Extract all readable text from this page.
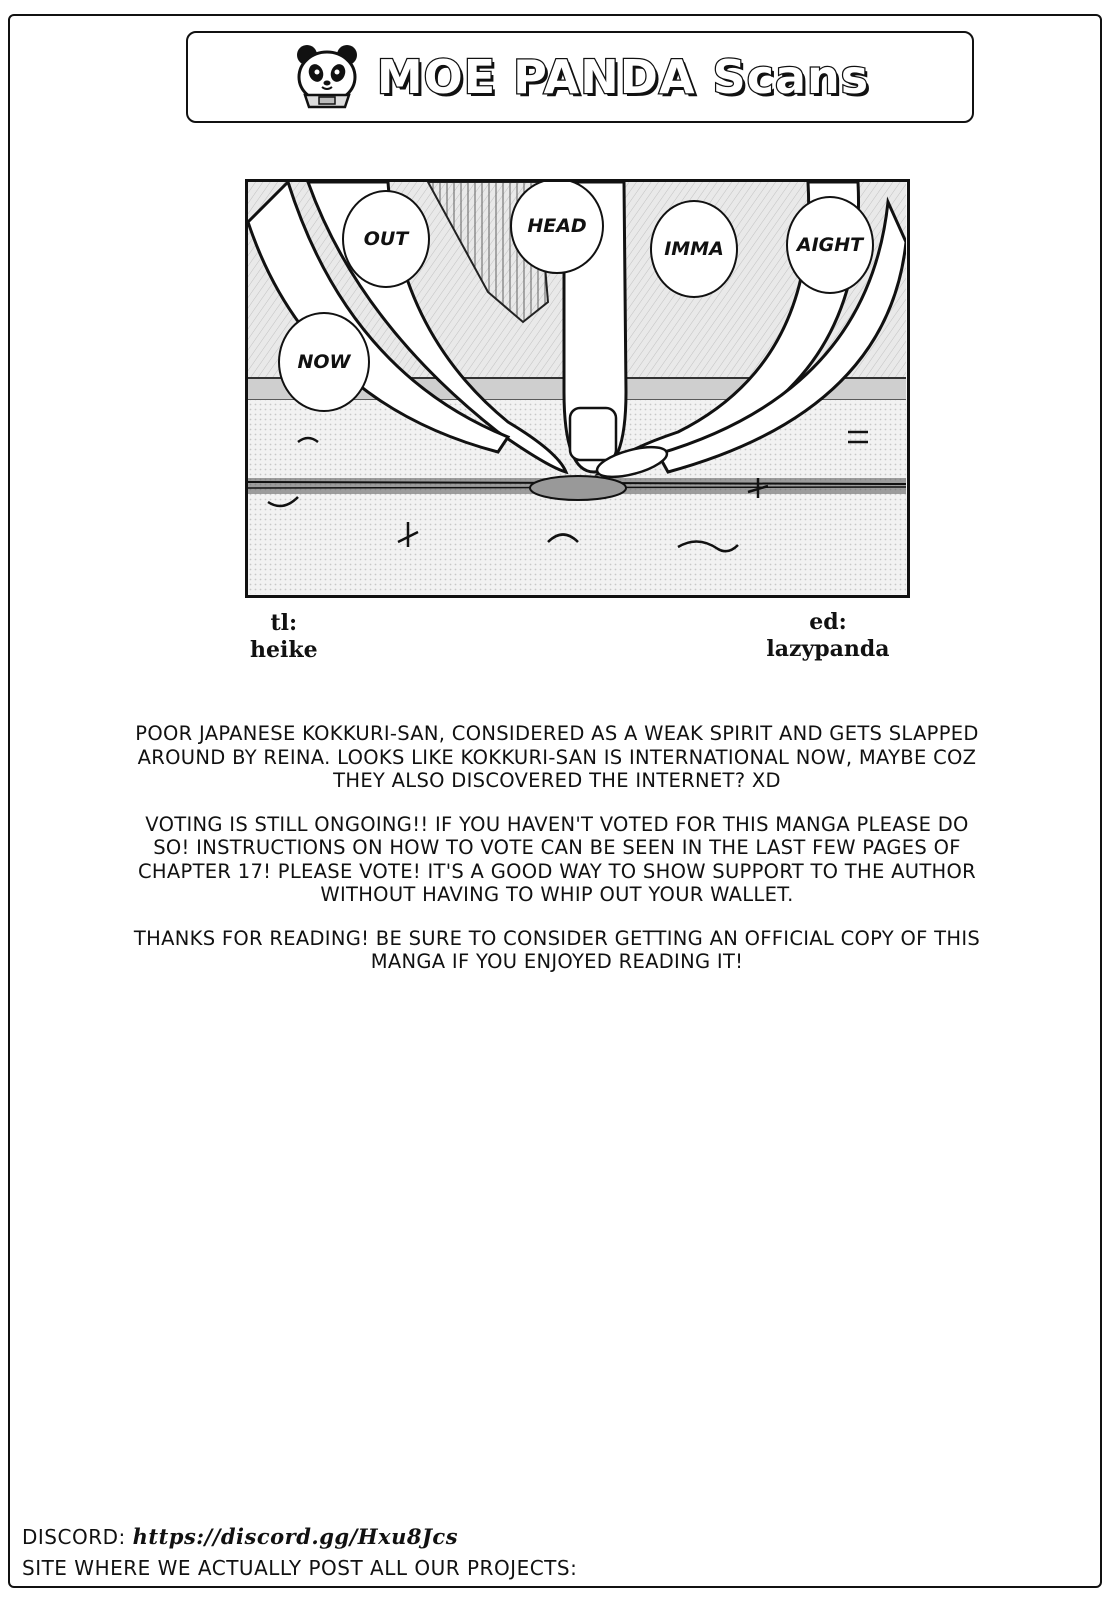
MOE PANDA Scans
OUT
HEAD
IMMA	AIGHT
NOW
tl:
heike
ed:
lazypanda

POOR JAPANESE KOKKURI-SAN, CONSIDERED AS A WEAK SPIRIT AND GETS SLAPPED AROUND BY REINA. LOOKS LIKE KOKKURI-SAN IS INTERNATIONAL NOW, MAYBE COZ THEY ALSO DISCOVERED THE INTERNET? XD

VOTING IS STILL ONGOING!! IF YOU HAVEN'T VOTED FOR THIS MANGA PLEASE DO SO! INSTRUCTIONS ON HOW TO VOTE CAN BE SEEN IN THE LAST FEW PAGES OF CHAPTER 17! PLEASE VOTE! IT'S A GOOD WAY TO SHOW SUPPORT TO THE AUTHOR WITHOUT HAVING TO WHIP OUT YOUR WALLET.

THANKS FOR READING! BE SURE TO CONSIDER GETTING AN OFFICIAL COPY OF THIS MANGA IF YOU ENJOYED READING IT!

DISCORD: https://discord.gg/Hxu8Jcs
SITE WHERE WE ACTUALLY POST ALL OUR PROJECTS:
